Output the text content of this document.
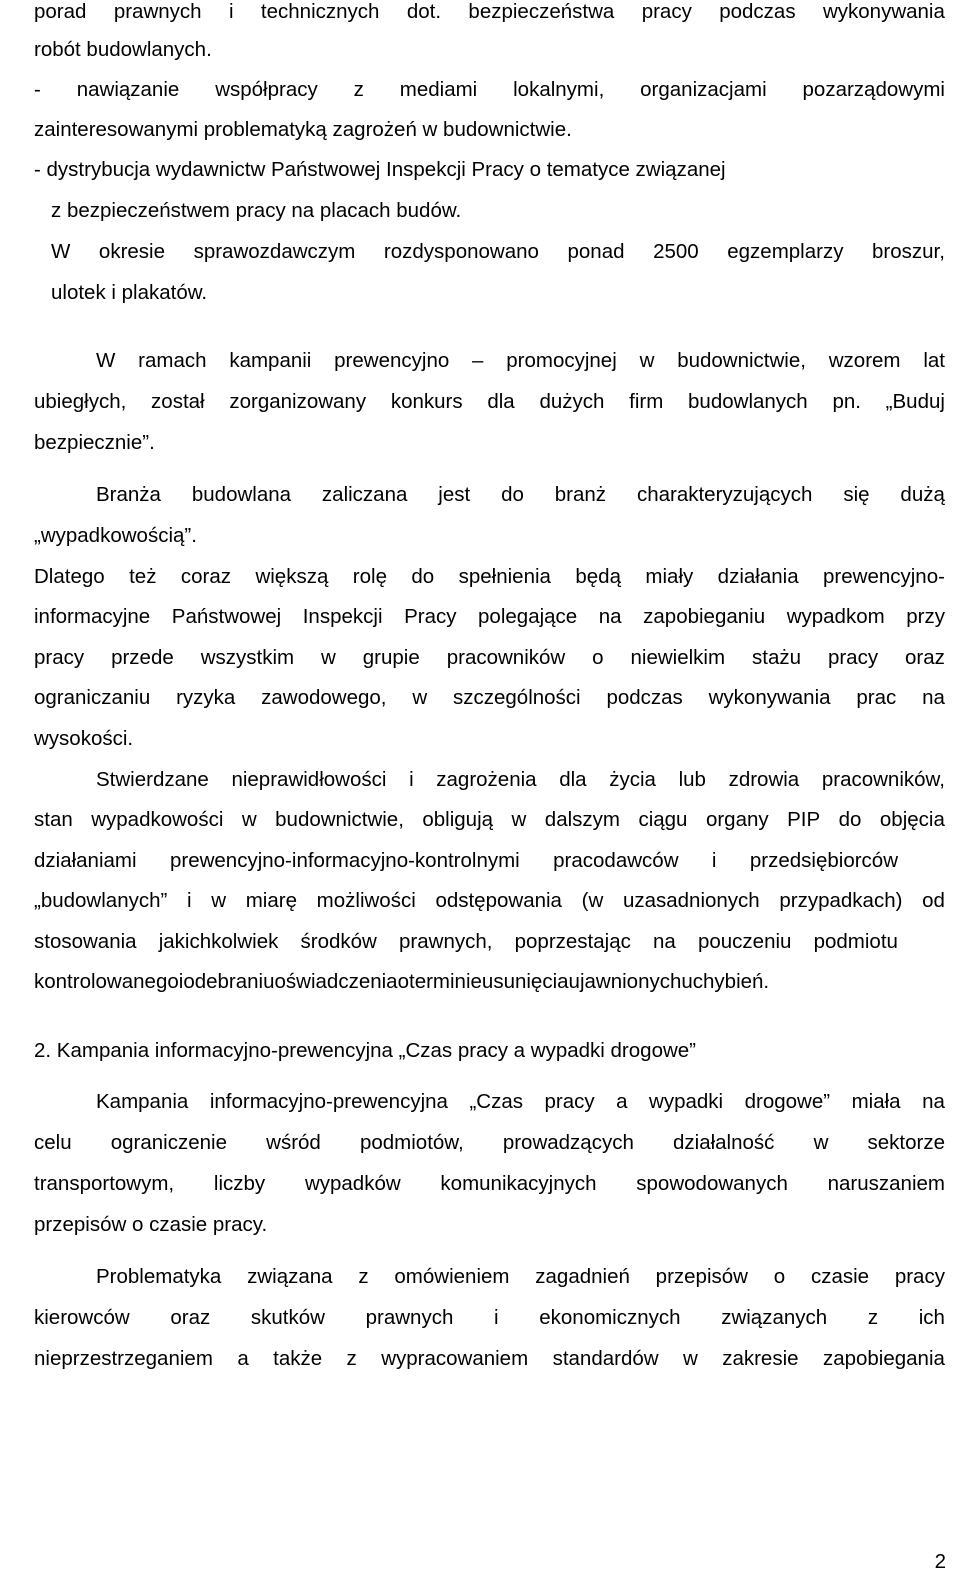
porad prawnych i technicznych dot. bezpieczeństwa pracy podczas wykonywania

robót budowlanych.

- nawiązanie współpracy z mediami lokalnymi, organizacjami pozarządowymi

zainteresowanymi problematyką zagrożeń w budownictwie.

- dystrybucja wydawnictw Państwowej Inspekcji Pracy o tematyce związanej

z bezpieczeństwem pracy na placach budów.

W okresie sprawozdawczym rozdysponowano ponad 2500 egzemplarzy broszur,

ulotek i plakatów.

W ramach kampanii prewencyjno – promocyjnej w budownictwie, wzorem lat

ubiegłych, został zorganizowany konkurs dla dużych firm budowlanych pn. „Buduj

bezpiecznie”.

Branża budowlana zaliczana jest do branż charakteryzujących się dużą

„wypadkowością”.

Dlatego też coraz większą rolę do spełnienia będą miały działania prewencyjno-

informacyjne Państwowej Inspekcji Pracy polegające na zapobieganiu wypadkom przy

pracy przede wszystkim w grupie pracowników o niewielkim stażu pracy oraz

ograniczaniu ryzyka zawodowego, w szczególności podczas wykonywania prac na

wysokości.

Stwierdzane nieprawidłowości i zagrożenia dla życia lub zdrowia pracowników,

stan wypadkowości w budownictwie, obligują w dalszym ciągu organy PIP do objęcia

działaniami prewencyjno-informacyjno-kontrolnymi pracodawców i przedsiębiorców

„budowlanych” i w miarę możliwości odstępowania (w uzasadnionych przypadkach) od

stosowania jakichkolwiek środków prawnych, poprzestając na pouczeniu podmiotu

kontrolowanego i odebraniu oświadczenia o terminie usunięcia ujawnionych uchybień.

2. Kampania informacyjno-prewencyjna „Czas pracy a wypadki drogowe”

Kampania informacyjno-prewencyjna „Czas pracy a wypadki drogowe” miała na

celu ograniczenie wśród podmiotów, prowadzących działalność w sektorze

transportowym, liczby wypadków komunikacyjnych spowodowanych naruszaniem

przepisów o czasie pracy.

Problematyka związana z omówieniem zagadnień przepisów o czasie pracy

kierowców oraz skutków prawnych i ekonomicznych związanych z ich

nieprzestrzeganiem a także z wypracowaniem standardów w zakresie zapobiegania

2
